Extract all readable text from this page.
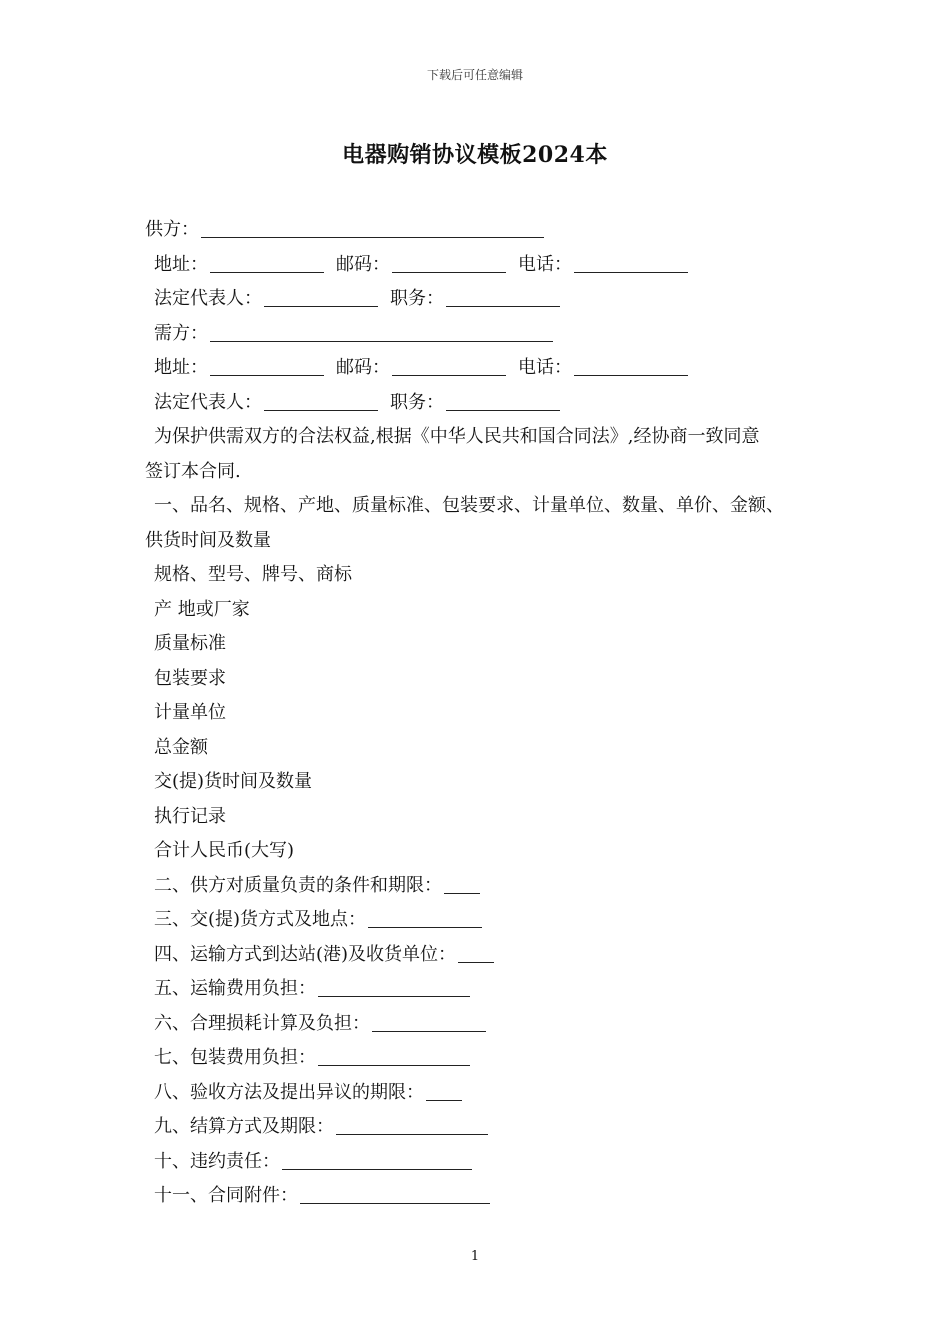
下载后可任意编辑
电器购销协议模板2024本
供方：
地址：	邮码：	电话：
法定代表人：	职务：
需方：
地址：	邮码：	电话：
法定代表人：	职务：
为保护供需双方的合法权益,根据《中华人民共和国合同法》,经协商一致同意
签订本合同.
一、品名、规格、产地、质量标准、包装要求、计量单位、数量、单价、金额、
供货时间及数量
规格、型号、牌号、商标
产 地或厂家
质量标准
包装要求
计量单位
总金额
交(提)货时间及数量
执行记录
合计人民币(大写)
二、供方对质量负责的条件和期限：
三、交(提)货方式及地点：
四、运输方式到达站(港)及收货单位：
五、运输费用负担：
六、合理损耗计算及负担：
七、包装费用负担：
八、验收方法及提出异议的期限：
九、结算方式及期限：
十、违约责任：
十一、合同附件：
1
